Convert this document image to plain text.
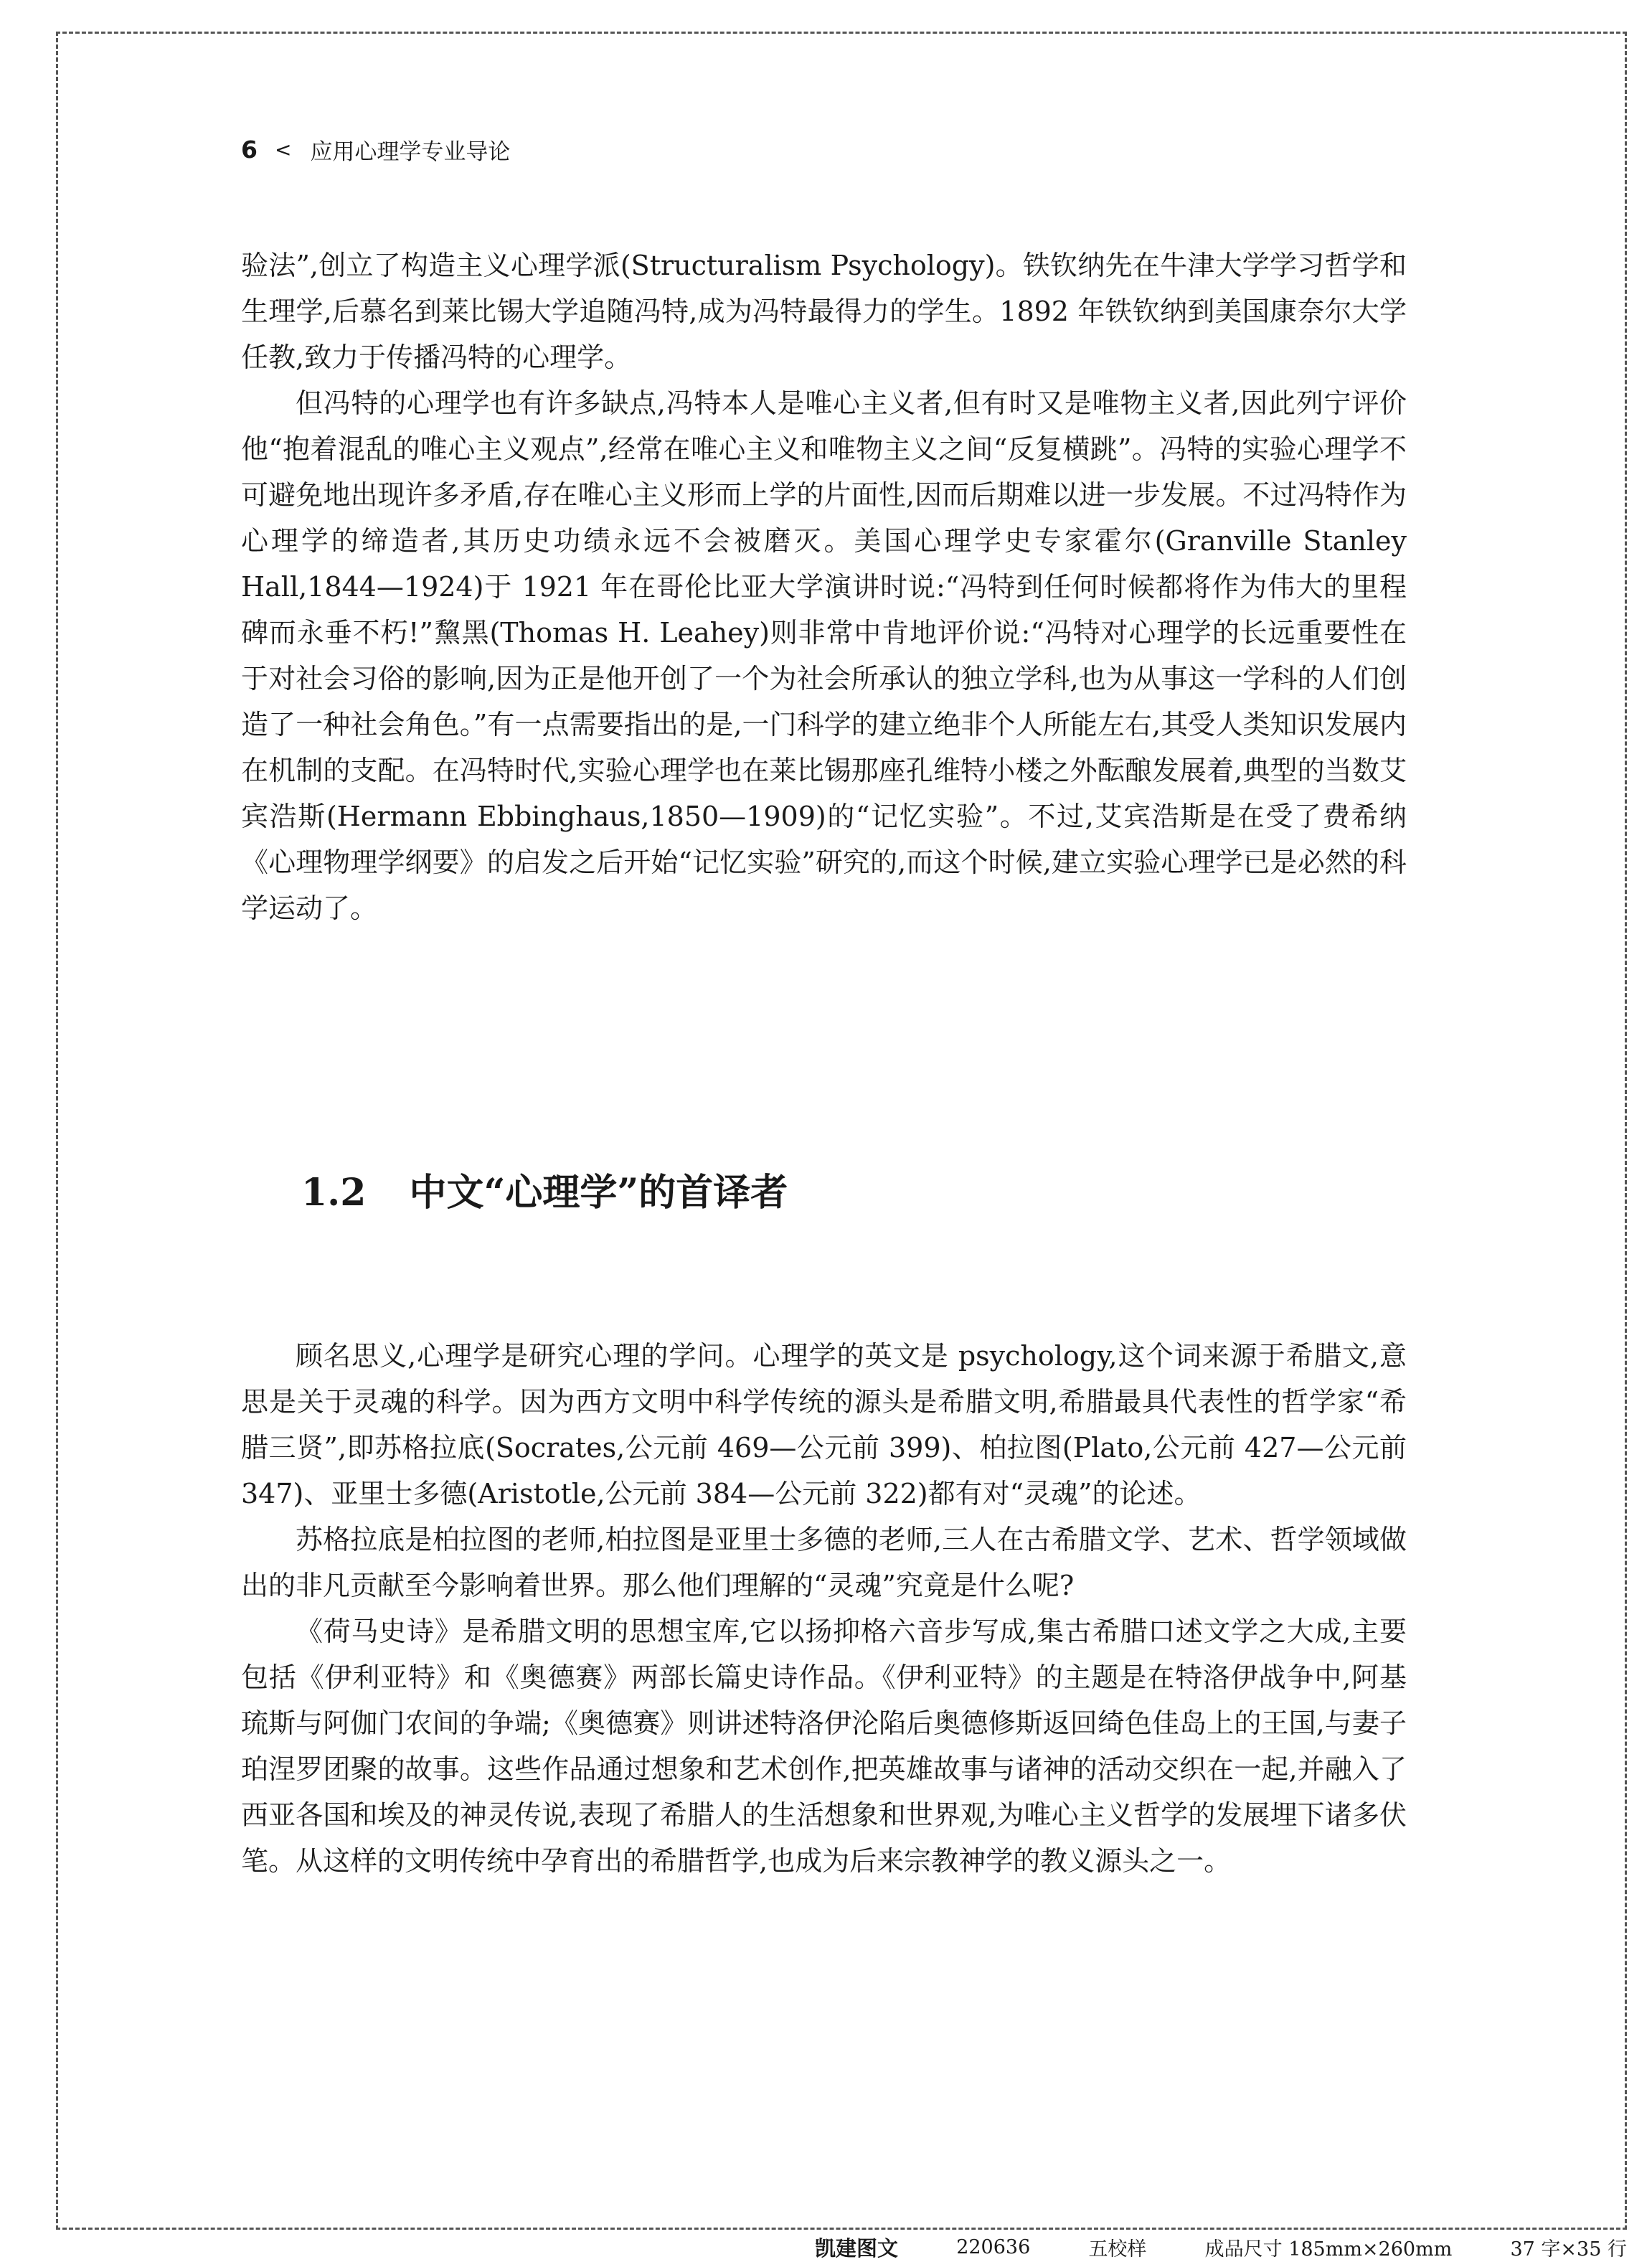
6 < 应用心理学专业导论

验法”,创立了构造主义心理学派(Structuralism Psychology)。铁钦纳先在牛津大学学习哲学和生理学,后慕名到莱比锡大学追随冯特,成为冯特最得力的学生。1892 年铁钦纳到美国康奈尔大学任教,致力于传播冯特的心理学。

但冯特的心理学也有许多缺点,冯特本人是唯心主义者,但有时又是唯物主义者,因此列宁评价他“抱着混乱的唯心主义观点”,经常在唯心主义和唯物主义之间“反复横跳”。冯特的实验心理学不可避免地出现许多矛盾,存在唯心主义形而上学的片面性,因而后期难以进一步发展。不过冯特作为心理学的缔造者,其历史功绩永远不会被磨灭。美国心理学史专家霍尔(Granville Stanley Hall,1844—1924)于 1921 年在哥伦比亚大学演讲时说:“冯特到任何时候都将作为伟大的里程碑而永垂不朽!”黧黑(Thomas H. Leahey)则非常中肯地评价说:“冯特对心理学的长远重要性在于对社会习俗的影响,因为正是他开创了一个为社会所承认的独立学科,也为从事这一学科的人们创造了一种社会角色。”有一点需要指出的是,一门科学的建立绝非个人所能左右,其受人类知识发展内在机制的支配。在冯特时代,实验心理学也在莱比锡那座孔维特小楼之外酝酿发展着,典型的当数艾宾浩斯(Hermann Ebbinghaus,1850—1909)的“记忆实验”。不过,艾宾浩斯是在受了费希纳《心理物理学纲要》的启发之后开始“记忆实验”研究的,而这个时候,建立实验心理学已是必然的科学运动了。

1.2 中文“心理学”的首译者

顾名思义,心理学是研究心理的学问。心理学的英文是 psychology,这个词来源于希腊文,意思是关于灵魂的科学。因为西方文明中科学传统的源头是希腊文明,希腊最具代表性的哲学家“希腊三贤”,即苏格拉底(Socrates,公元前 469—公元前 399)、柏拉图(Plato,公元前 427—公元前 347)、亚里士多德(Aristotle,公元前 384—公元前 322)都有对“灵魂”的论述。

苏格拉底是柏拉图的老师,柏拉图是亚里士多德的老师,三人在古希腊文学、艺术、哲学领域做出的非凡贡献至今影响着世界。那么他们理解的“灵魂”究竟是什么呢?

《荷马史诗》是希腊文明的思想宝库,它以扬抑格六音步写成,集古希腊口述文学之大成,主要包括《伊利亚特》和《奥德赛》两部长篇史诗作品。《伊利亚特》的主题是在特洛伊战争中,阿基琉斯与阿伽门农间的争端;《奥德赛》则讲述特洛伊沦陷后奥德修斯返回绮色佳岛上的王国,与妻子珀涅罗团聚的故事。这些作品通过想象和艺术创作,把英雄故事与诸神的活动交织在一起,并融入了西亚各国和埃及的神灵传说,表现了希腊人的生活想象和世界观,为唯心主义哲学的发展埋下诸多伏笔。从这样的文明传统中孕育出的希腊哲学,也成为后来宗教神学的教义源头之一。

凯建图文	220636	五校样	成品尺寸 185mm×260mm	37 字×35 行
